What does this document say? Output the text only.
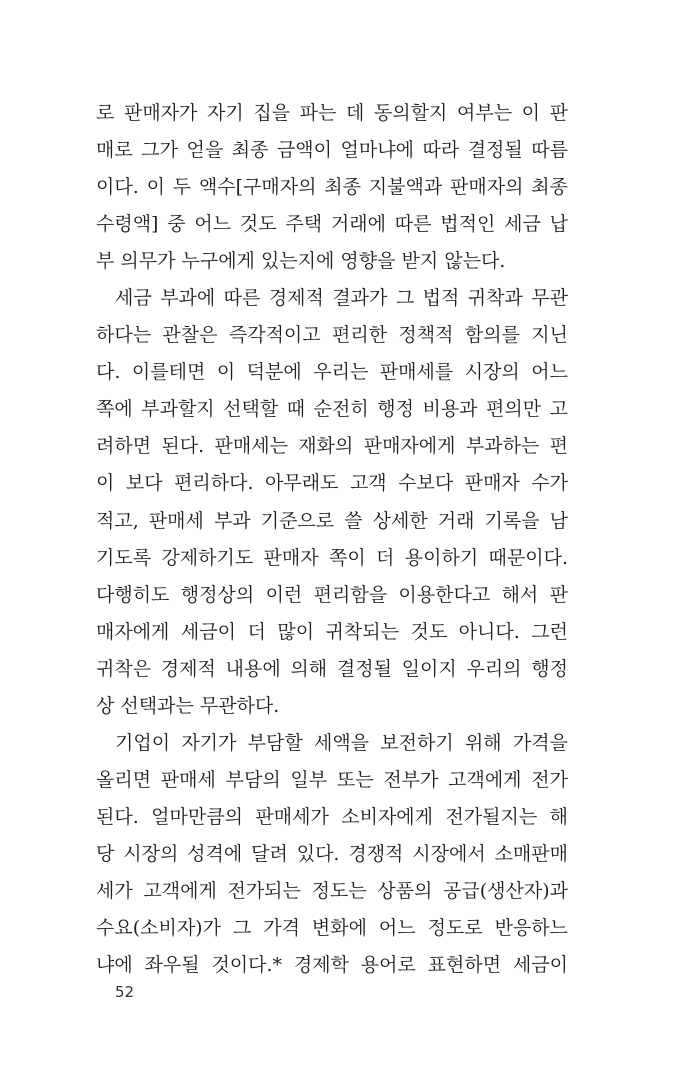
로 판매자가 자기 집을 파는 데 동의할지 여부는 이 판
매로 그가 얻을 최종 금액이 얼마냐에 따라 결정될 따름
이다. 이 두 액수[구매자의 최종 지불액과 판매자의 최종
수령액] 중 어느 것도 주택 거래에 따른 법적인 세금 납
부 의무가 누구에게 있는지에 영향을 받지 않는다.
세금 부과에 따른 경제적 결과가 그 법적 귀착과 무관
하다는 관찰은 즉각적이고 편리한 정책적 함의를 지닌
다. 이를테면 이 덕분에 우리는 판매세를 시장의 어느
쪽에 부과할지 선택할 때 순전히 행정 비용과 편의만 고
려하면 된다. 판매세는 재화의 판매자에게 부과하는 편
이 보다 편리하다. 아무래도 고객 수보다 판매자 수가
적고, 판매세 부과 기준으로 쓸 상세한 거래 기록을 남
기도록 강제하기도 판매자 쪽이 더 용이하기 때문이다.
다행히도 행정상의 이런 편리함을 이용한다고 해서 판
매자에게 세금이 더 많이 귀착되는 것도 아니다. 그런
귀착은 경제적 내용에 의해 결정될 일이지 우리의 행정
상 선택과는 무관하다.
기업이 자기가 부담할 세액을 보전하기 위해 가격을
올리면 판매세 부담의 일부 또는 전부가 고객에게 전가
된다. 얼마만큼의 판매세가 소비자에게 전가될지는 해
당 시장의 성격에 달려 있다. 경쟁적 시장에서 소매판매
세가 고객에게 전가되는 정도는 상품의 공급(생산자)과
수요(소비자)가 그 가격 변화에 어느 정도로 반응하느
냐에 좌우될 것이다.* 경제학 용어로 표현하면 세금이
52
